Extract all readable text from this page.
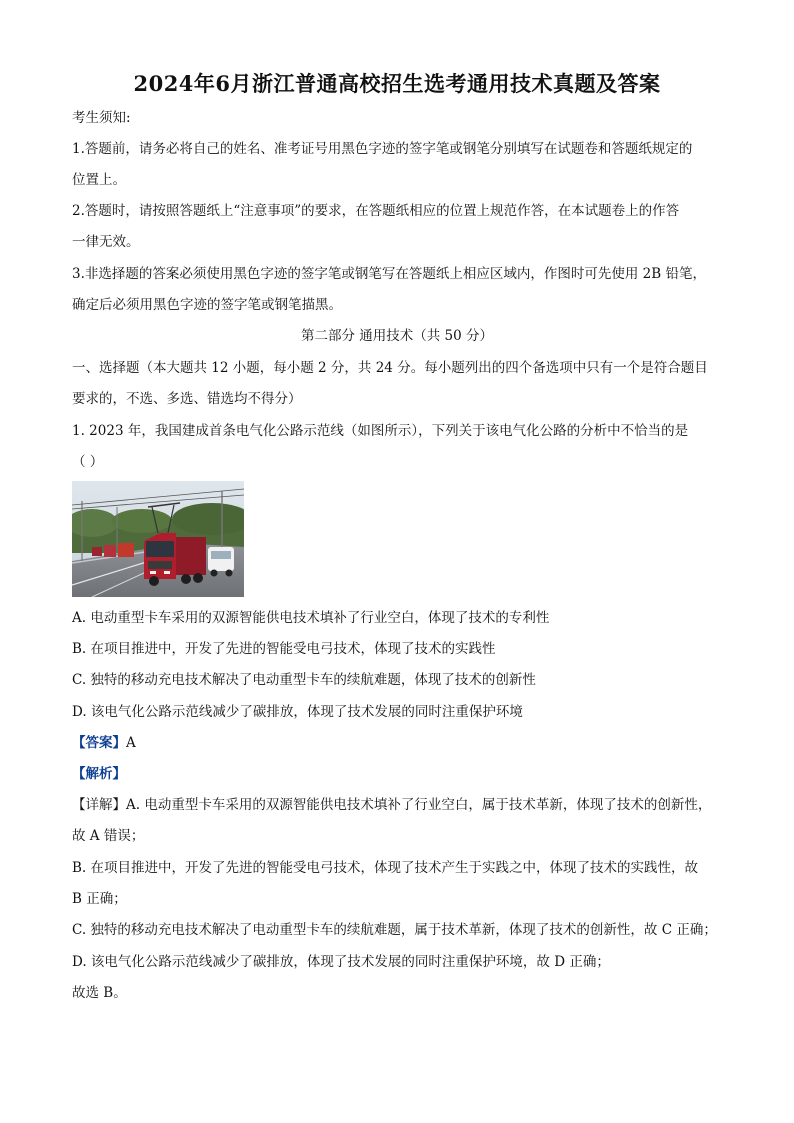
2024年6月浙江普通高校招生选考通用技术真题及答案
考生须知:
1.答题前，请务必将自己的姓名、准考证号用黑色字迹的签字笔或钢笔分别填写在试题卷和答题纸规定的
位置上。
2.答题时，请按照答题纸上“注意事项”的要求，在答题纸相应的位置上规范作答，在本试题卷上的作答
一律无效。
3.非选择题的答案必须使用黑色字迹的签字笔或钢笔写在答题纸上相应区域内，作图时可先使用 2B 铅笔，
确定后必须用黑色字迹的签字笔或钢笔描黑。
第二部分 通用技术（共 50 分）
一、选择题（本大题共 12 小题，每小题 2 分，共 24 分。每小题列出的四个备选项中只有一个是符合题目
要求的，不选、多选、错选均不得分）
1. 2023 年，我国建成首条电气化公路示范线（如图所示），下列关于该电气化公路的分析中不恰当的是
（ ）
A. 电动重型卡车采用的双源智能供电技术填补了行业空白，体现了技术的专利性
B. 在项目推进中，开发了先进的智能受电弓技术，体现了技术的实践性
C. 独特的移动充电技术解决了电动重型卡车的续航难题，体现了技术的创新性
D. 该电气化公路示范线减少了碳排放，体现了技术发展的同时注重保护环境
【答案】A
【解析】
【详解】A. 电动重型卡车采用的双源智能供电技术填补了行业空白，属于技术革新，体现了技术的创新性，
故 A 错误；
B. 在项目推进中，开发了先进的智能受电弓技术，体现了技术产生于实践之中，体现了技术的实践性，故
B 正确；
C. 独特的移动充电技术解决了电动重型卡车的续航难题，属于技术革新，体现了技术的创新性，故 C 正确；
D. 该电气化公路示范线减少了碳排放，体现了技术发展的同时注重保护环境，故 D 正确；
故选 B。
